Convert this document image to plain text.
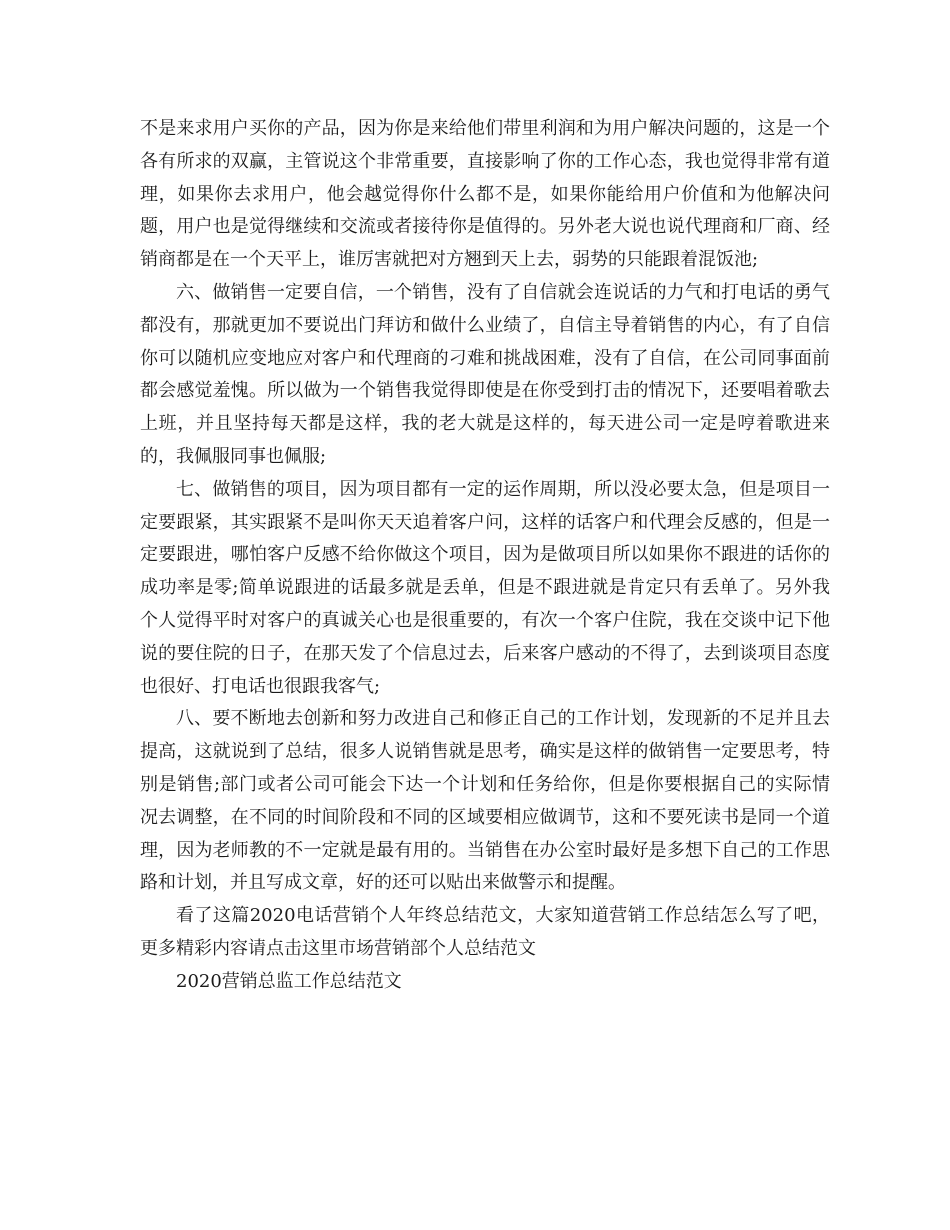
不是来求用户买你的产品，因为你是来给他们带里利润和为用户解决问题的，这是一个各有所求的双赢，主管说这个非常重要，直接影响了你的工作心态，我也觉得非常有道理，如果你去求用户，他会越觉得你什么都不是，如果你能给用户价值和为他解决问题，用户也是觉得继续和交流或者接待你是值得的。另外老大说也说代理商和厂商、经销商都是在一个天平上，谁厉害就把对方翘到天上去，弱势的只能跟着混饭池;

六、做销售一定要自信，一个销售，没有了自信就会连说话的力气和打电话的勇气都没有，那就更加不要说出门拜访和做什么业绩了，自信主导着销售的内心，有了自信你可以随机应变地应对客户和代理商的刁难和挑战困难，没有了自信，在公司同事面前都会感觉羞愧。所以做为一个销售我觉得即使是在你受到打击的情况下，还要唱着歌去上班，并且坚持每天都是这样，我的老大就是这样的，每天进公司一定是哼着歌进来的，我佩服同事也佩服;

七、做销售的项目，因为项目都有一定的运作周期，所以没必要太急，但是项目一定要跟紧，其实跟紧不是叫你天天追着客户问，这样的话客户和代理会反感的，但是一定要跟进，哪怕客户反感不给你做这个项目，因为是做项目所以如果你不跟进的话你的成功率是零;简单说跟进的话最多就是丢单，但是不跟进就是肯定只有丢单了。另外我个人觉得平时对客户的真诚关心也是很重要的，有次一个客户住院，我在交谈中记下他说的要住院的日子，在那天发了个信息过去，后来客户感动的不得了，去到谈项目态度也很好、打电话也很跟我客气;

八、要不断地去创新和努力改进自己和修正自己的工作计划，发现新的不足并且去提高，这就说到了总结，很多人说销售就是思考，确实是这样的做销售一定要思考，特别是销售;部门或者公司可能会下达一个计划和任务给你，但是你要根据自己的实际情况去调整，在不同的时间阶段和不同的区域要相应做调节，这和不要死读书是同一个道理，因为老师教的不一定就是最有用的。当销售在办公室时最好是多想下自己的工作思路和计划，并且写成文章，好的还可以贴出来做警示和提醒。

看了这篇2020电话营销个人年终总结范文，大家知道营销工作总结怎么写了吧，更多精彩内容请点击这里市场营销部个人总结范文

2020营销总监工作总结范文
